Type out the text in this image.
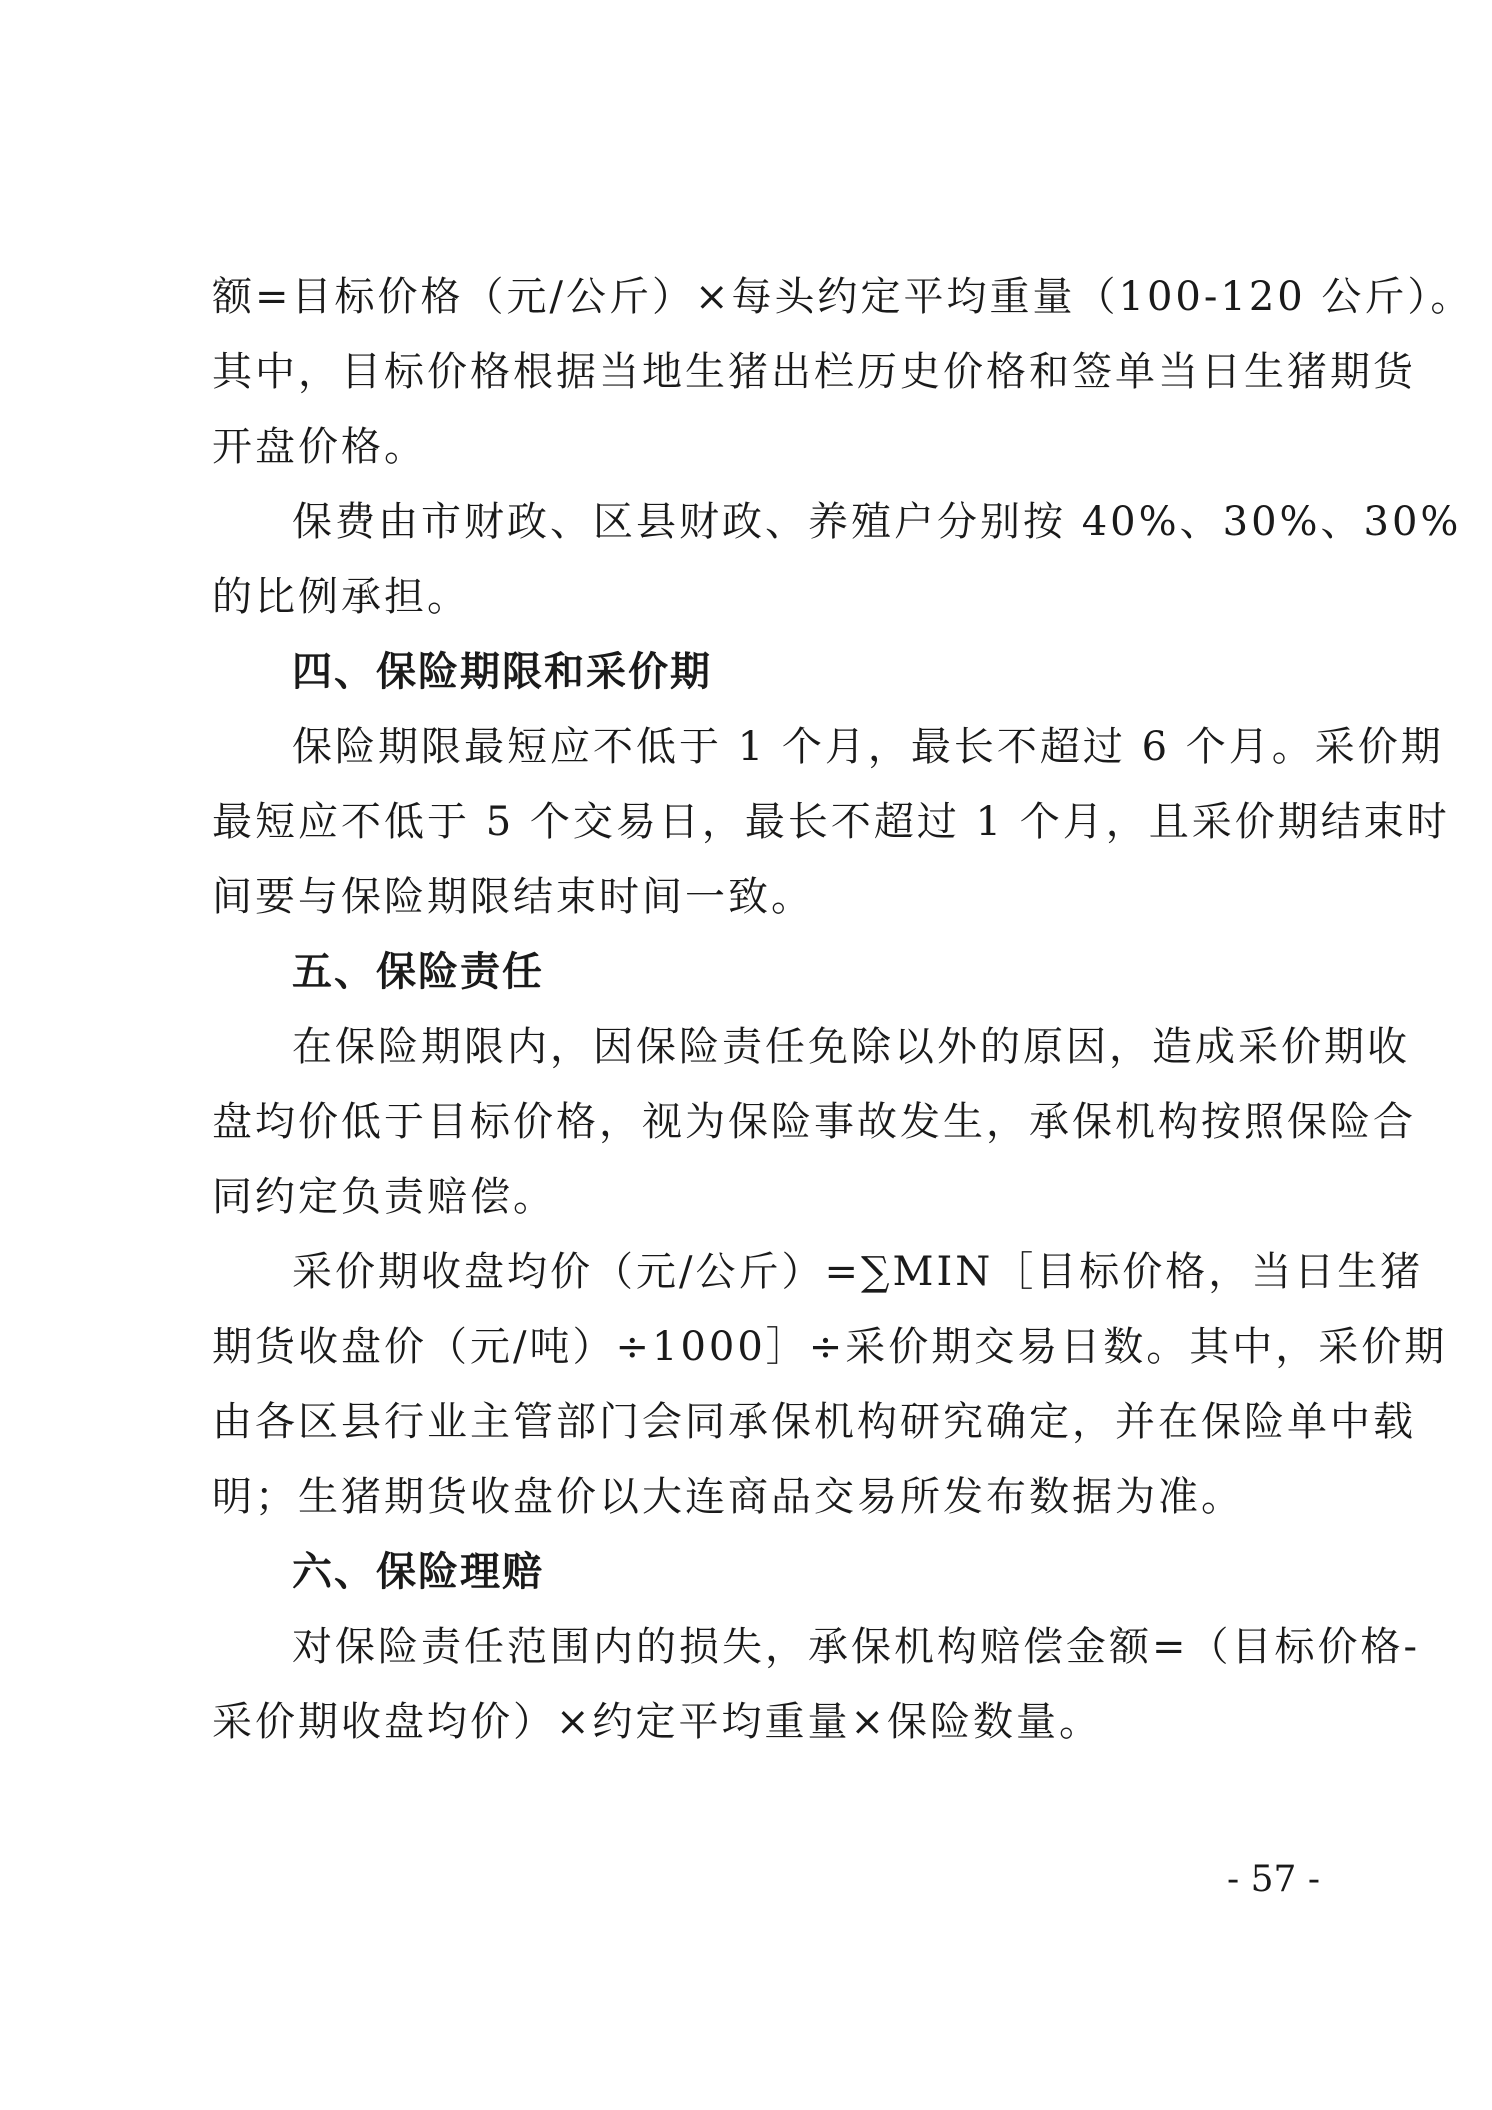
额=目标价格（元/公斤）×每头约定平均重量（100-120 公斤）。
其中，目标价格根据当地生猪出栏历史价格和签单当日生猪期货
开盘价格。
保费由市财政、区县财政、养殖户分别按 40%、30%、30%
的比例承担。
四、保险期限和采价期
保险期限最短应不低于 1 个月，最长不超过 6 个月。采价期
最短应不低于 5 个交易日，最长不超过 1 个月，且采价期结束时
间要与保险期限结束时间一致。
五、保险责任
在保险期限内，因保险责任免除以外的原因，造成采价期收
盘均价低于目标价格，视为保险事故发生，承保机构按照保险合
同约定负责赔偿。
采价期收盘均价（元/公斤）=∑MIN［目标价格，当日生猪
期货收盘价（元/吨）÷1000］÷采价期交易日数。其中，采价期
由各区县行业主管部门会同承保机构研究确定，并在保险单中载
明；生猪期货收盘价以大连商品交易所发布数据为准。
六、保险理赔
对保险责任范围内的损失，承保机构赔偿金额=（目标价格-
采价期收盘均价）×约定平均重量×保险数量。
- 57 -
